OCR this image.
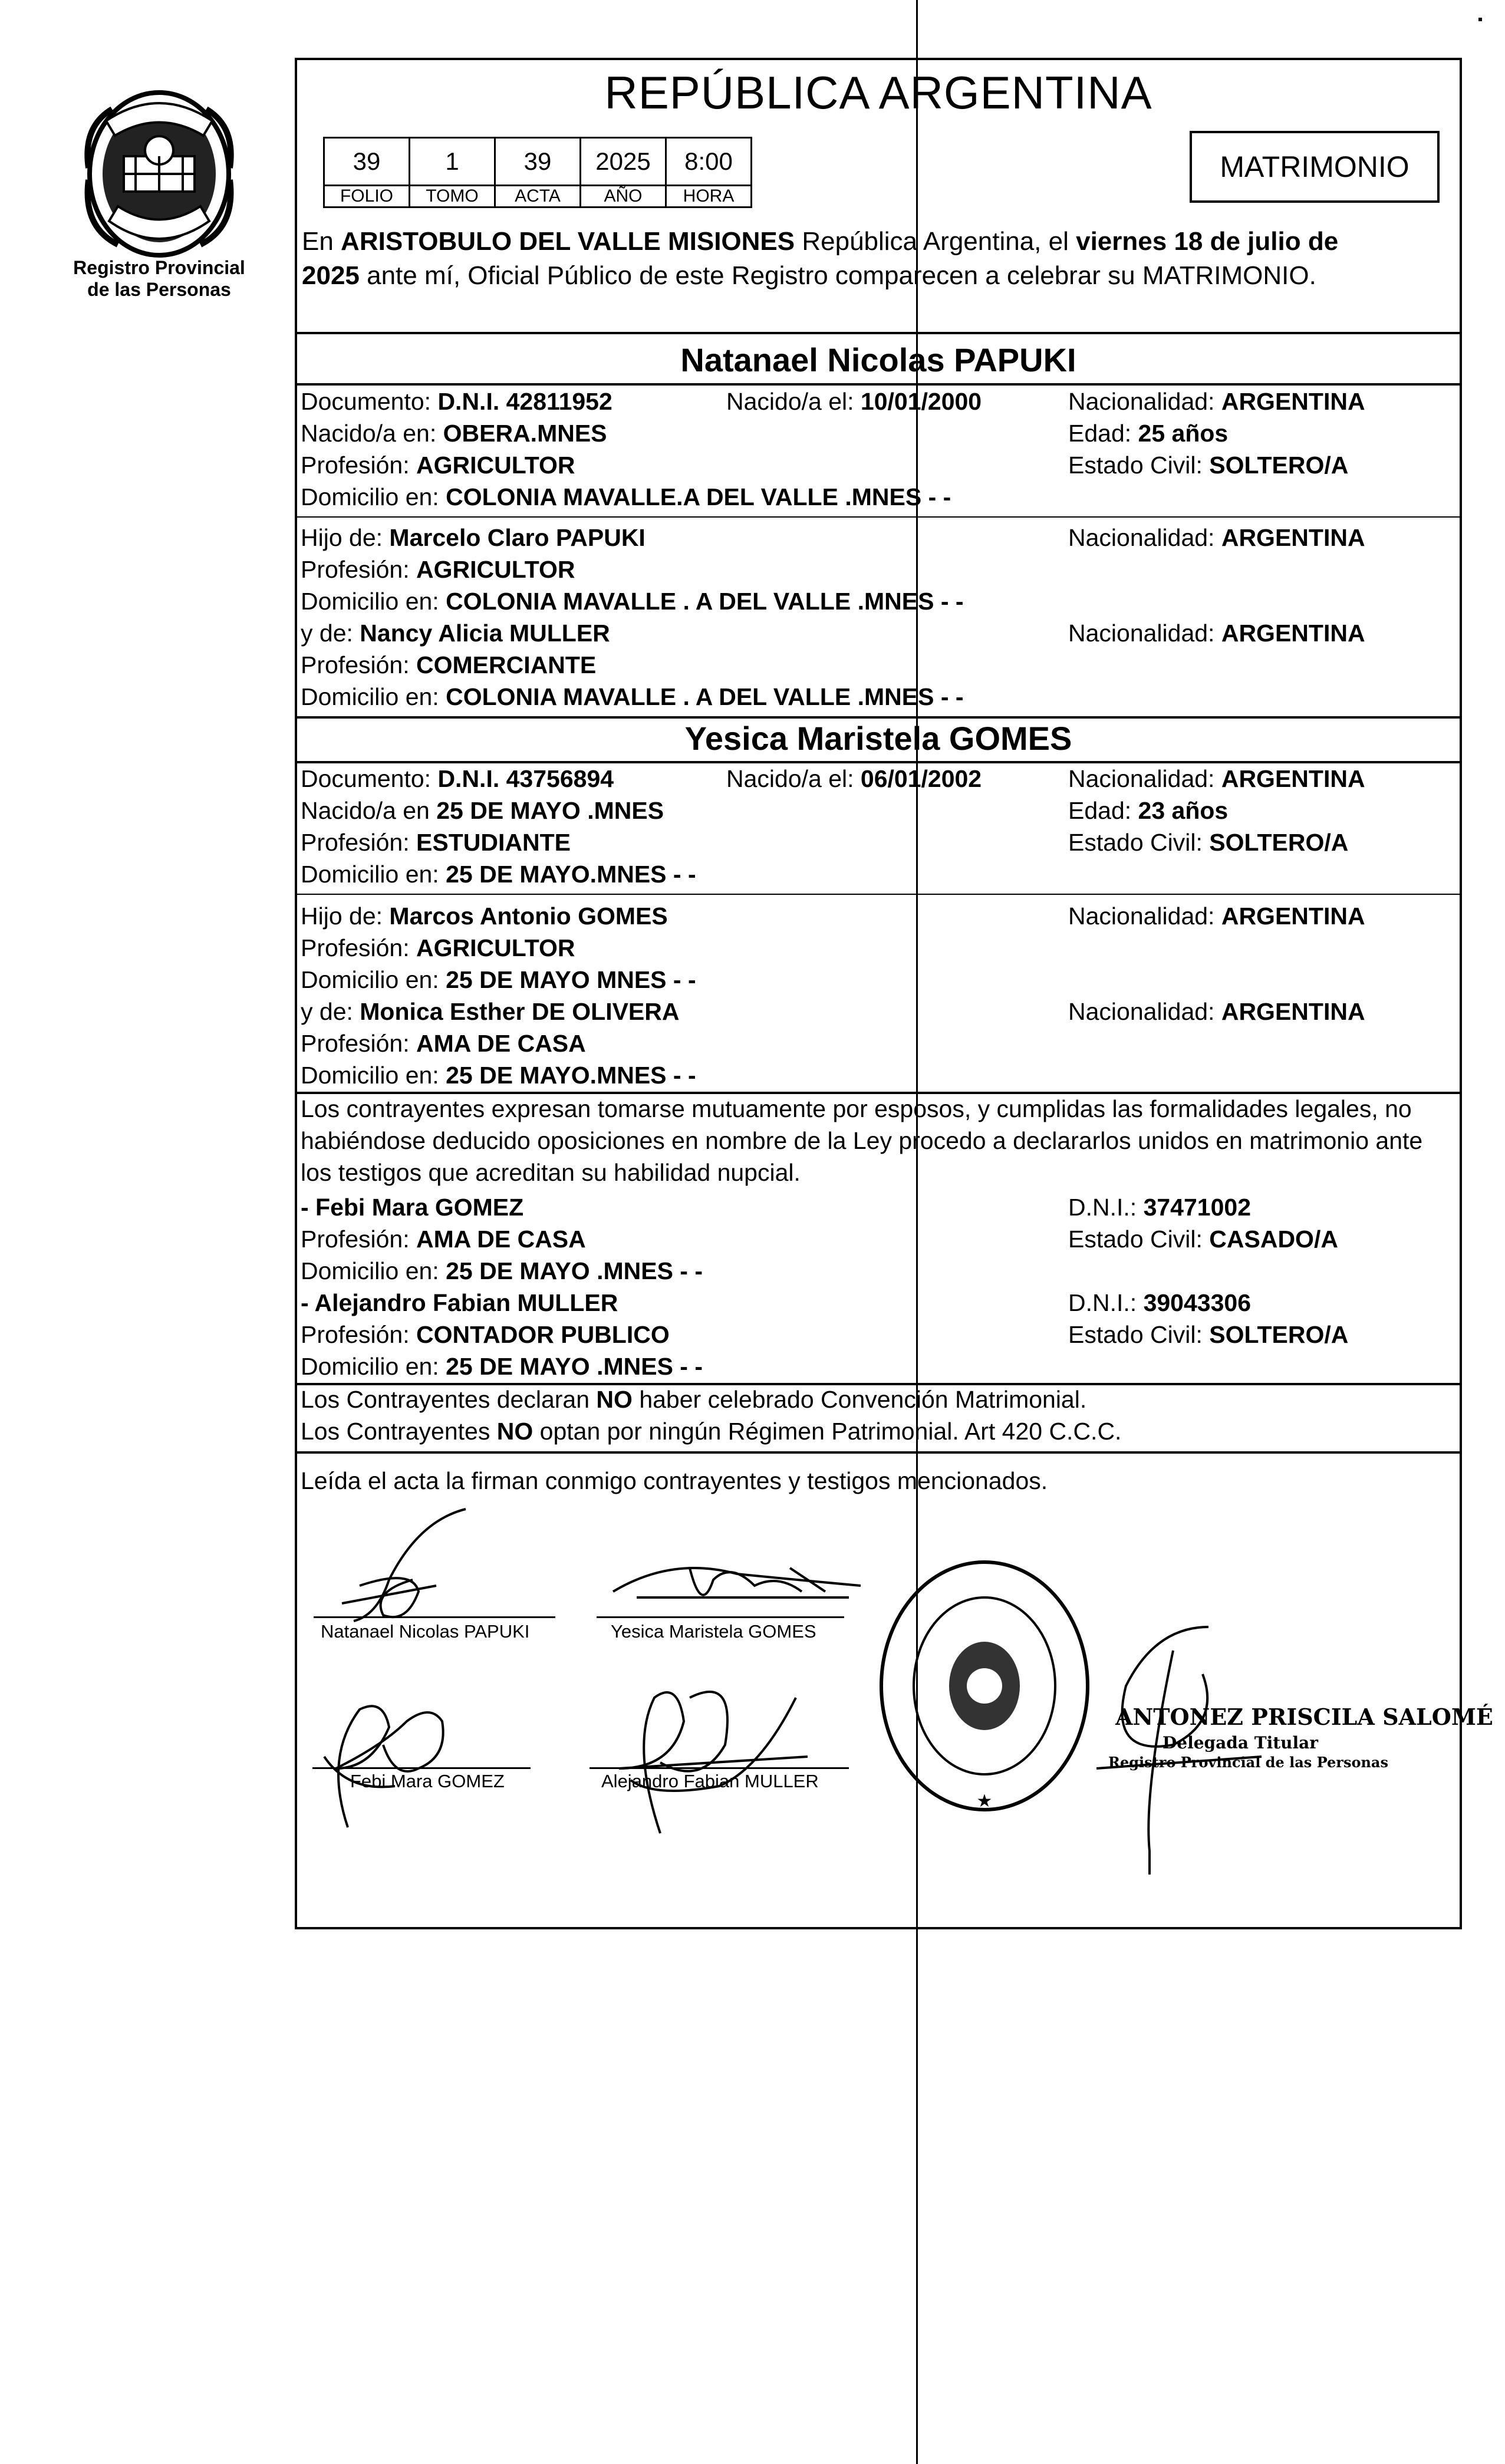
Registro Provincial
de las Personas
REPÚBLICA ARGENTINA
39	1	39	2025	8:00
FOLIO	TOMO	ACTA	AÑO	HORA
MATRIMONIO
En ARISTOBULO DEL VALLE MISIONES República Argentina, el viernes 18 de julio de
2025 ante mí, Oficial Público de este Registro comparecen a celebrar su MATRIMONIO.
Natanael Nicolas PAPUKI
Documento: D.N.I. 42811952	Nacido/a el: 10/01/2000	Nacionalidad: ARGENTINA
Nacido/a en: OBERA.MNES	Edad: 25 años
Profesión: AGRICULTOR	Estado Civil: SOLTERO/A
Domicilio en: COLONIA MAVALLE.A DEL VALLE .MNES - -
Hijo de: Marcelo Claro PAPUKI	Nacionalidad: ARGENTINA
Profesión: AGRICULTOR
Domicilio en: COLONIA MAVALLE . A DEL VALLE .MNES - -
y de: Nancy Alicia MULLER	Nacionalidad: ARGENTINA
Profesión: COMERCIANTE
Domicilio en: COLONIA MAVALLE . A DEL VALLE .MNES - -
Yesica Maristela GOMES
Documento: D.N.I. 43756894	Nacido/a el: 06/01/2002	Nacionalidad: ARGENTINA
Nacido/a en 25 DE MAYO .MNES	Edad: 23 años
Profesión: ESTUDIANTE	Estado Civil: SOLTERO/A
Domicilio en: 25 DE MAYO.MNES - -
Hijo de: Marcos Antonio GOMES	Nacionalidad: ARGENTINA
Profesión: AGRICULTOR
Domicilio en: 25 DE MAYO MNES - -
y de: Monica Esther DE OLIVERA	Nacionalidad: ARGENTINA
Profesión: AMA DE CASA
Domicilio en: 25 DE MAYO.MNES - -
Los contrayentes expresan tomarse mutuamente por esposos, y cumplidas las formalidades legales, no
habiéndose deducido oposiciones en nombre de la Ley procedo a declararlos unidos en matrimonio ante
los testigos que acreditan su habilidad nupcial.
- Febi Mara GOMEZ	D.N.I.: 37471002
Profesión: AMA DE CASA	Estado Civil: CASADO/A
Domicilio en: 25 DE MAYO .MNES - -
- Alejandro Fabian MULLER	D.N.I.: 39043306
Profesión: CONTADOR PUBLICO	Estado Civil: SOLTERO/A
Domicilio en: 25 DE MAYO .MNES - -
Los Contrayentes declaran NO haber celebrado Convención Matrimonial.
Los Contrayentes NO optan por ningún Régimen Patrimonial. Art 420 C.C.C.
Leída el acta la firman conmigo contrayentes y testigos mencionados.
Natanael Nicolas PAPUKI	Yesica Maristela GOMES
Febi Mara GOMEZ	Alejandro Fabian MULLER
★
ANTONEZ PRISCILA SALOMÉ
Delegada Titular
Registro Provincial de las Personas
